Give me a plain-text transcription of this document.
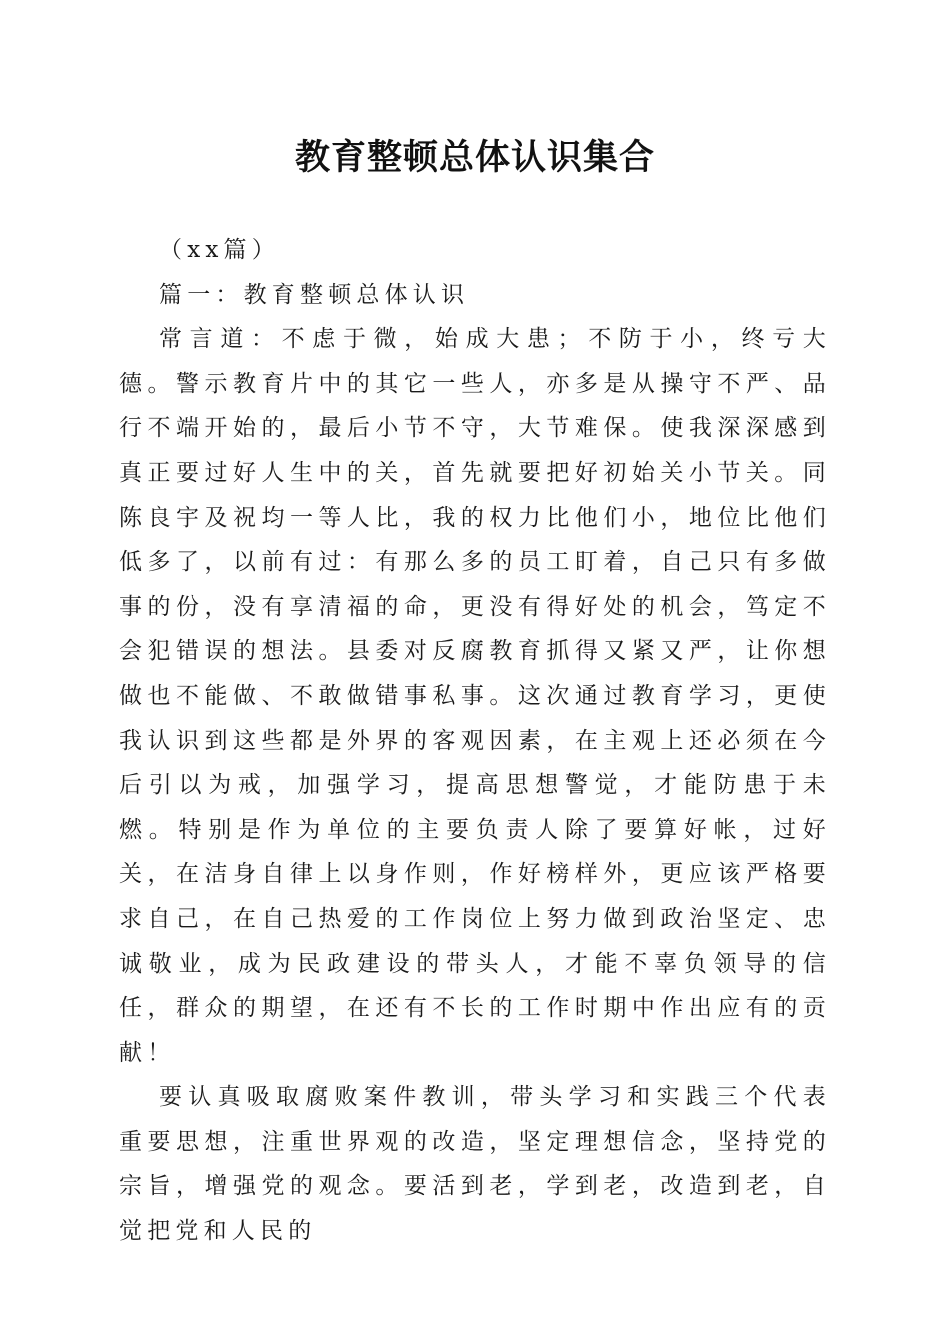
教育整顿总体认识集合

（xx篇）

篇一：教育整顿总体认识

常言道：不虑于微，始成大患；不防于小，终亏大德。警示教育片中的其它一些人，亦多是从操守不严、品行不端开始的，最后小节不守，大节难保。使我深深感到真正要过好人生中的关，首先就要把好初始关小节关。同陈良宇及祝均一等人比，我的权力比他们小，地位比他们低多了，以前有过：有那么多的员工盯着，自己只有多做事的份，没有享清福的命，更没有得好处的机会，笃定不会犯错误的想法。县委对反腐教育抓得又紧又严，让你想做也不能做、不敢做错事私事。这次通过教育学习，更使我认识到这些都是外界的客观因素，在主观上还必须在今后引以为戒，加强学习，提高思想警觉，才能防患于未燃。特别是作为单位的主要负责人除了要算好帐，过好关，在洁身自律上以身作则，作好榜样外，更应该严格要求自己，在自己热爱的工作岗位上努力做到政治坚定、忠诚敬业，成为民政建设的带头人，才能不辜负领导的信任，群众的期望，在还有不长的工作时期中作出应有的贡献！

要认真吸取腐败案件教训，带头学习和实践三个代表重要思想，注重世界观的改造，坚定理想信念，坚持党的宗旨，增强党的观念。要活到老，学到老，改造到老，自觉把党和人民的
